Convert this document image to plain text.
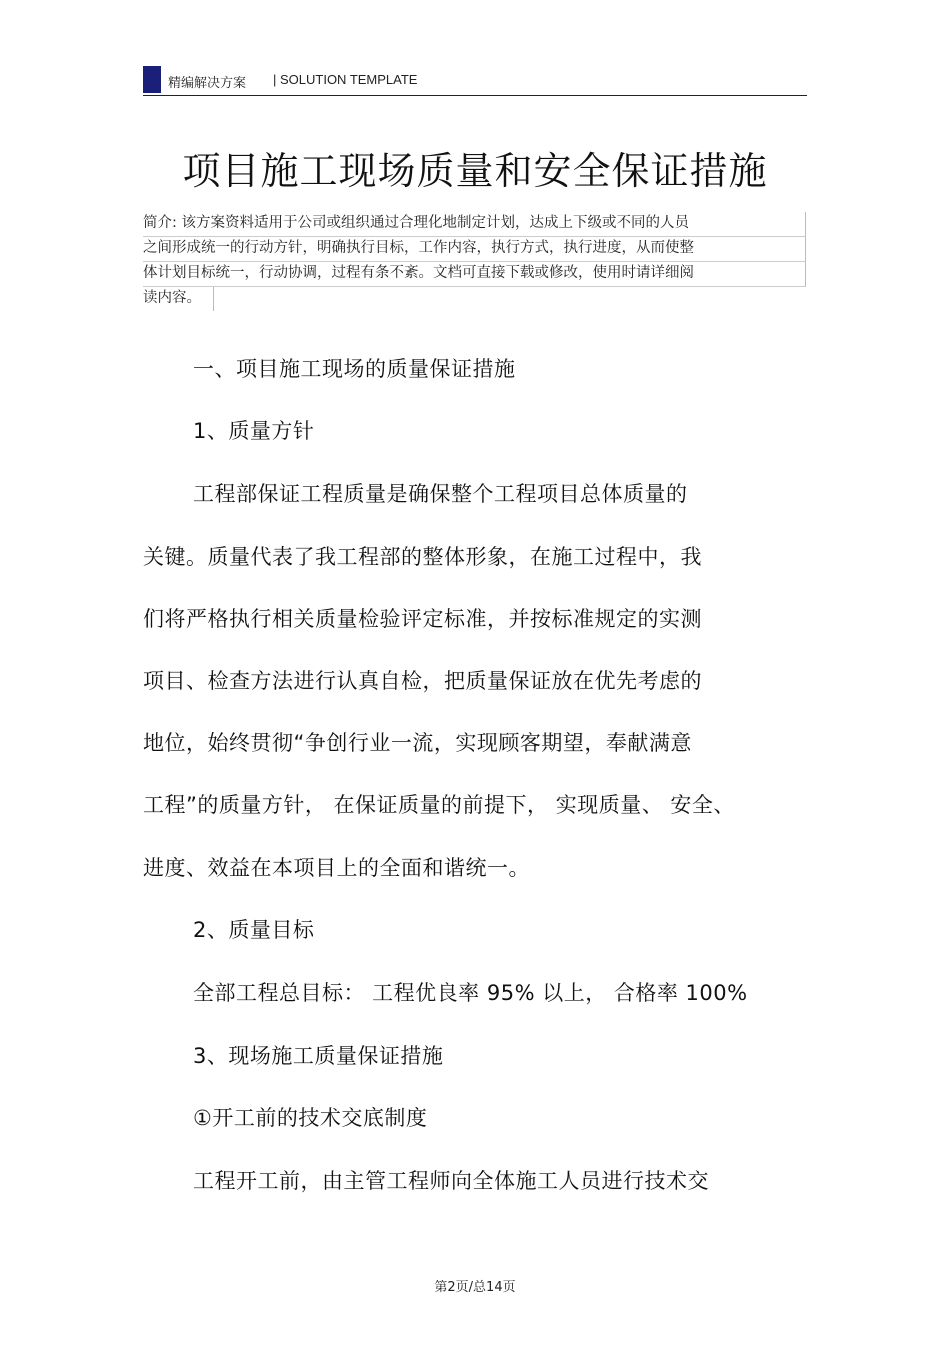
精编解决方案 | SOLUTION TEMPLATE
项目施工现场质量和安全保证措施
简介: 该方案资料适用于公司或组织通过合理化地制定计划，达成上下级或不同的人员
之间形成统一的行动方针，明确执行目标，工作内容，执行方式，执行进度，从而使整
体计划目标统一，行动协调，过程有条不紊。文档可直接下载或修改，使用时请详细阅
读内容。
一、项目施工现场的质量保证措施
1、质量方针
工程部保证工程质量是确保整个工程项目总体质量的
关键。质量代表了我工程部的整体形象，在施工过程中，我
们将严格执行相关质量检验评定标准，并按标准规定的实测
项目、检查方法进行认真自检，把质量保证放在优先考虑的
地位，始终贯彻“争创行业一流，实现顾客期望，奉献满意
工程”的质量方针， 在保证质量的前提下， 实现质量、 安全、
进度、效益在本项目上的全面和谐统一。
2、质量目标
全部工程总目标： 工程优良率 95% 以上， 合格率 100%
3、现场施工质量保证措施
①开工前的技术交底制度
工程开工前，由主管工程师向全体施工人员进行技术交
第2页/总14页
